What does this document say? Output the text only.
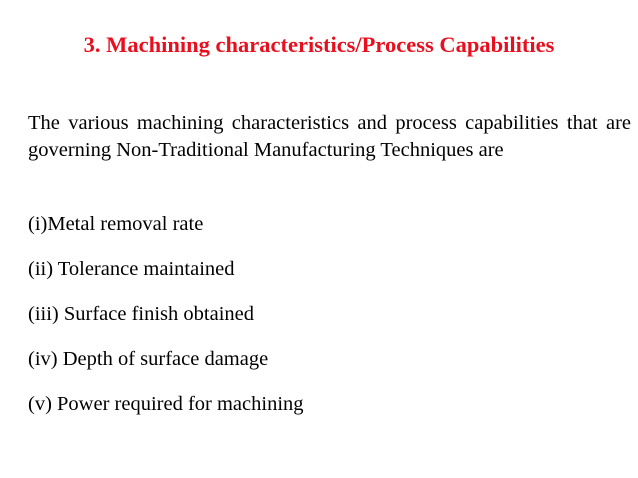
3. Machining characteristics/Process Capabilities
The various machining characteristics and process capabilities that are governing Non-Traditional Manufacturing Techniques are
(i)Metal removal rate
(ii) Tolerance maintained
(iii) Surface finish obtained
(iv) Depth of surface damage
(v) Power required for machining
